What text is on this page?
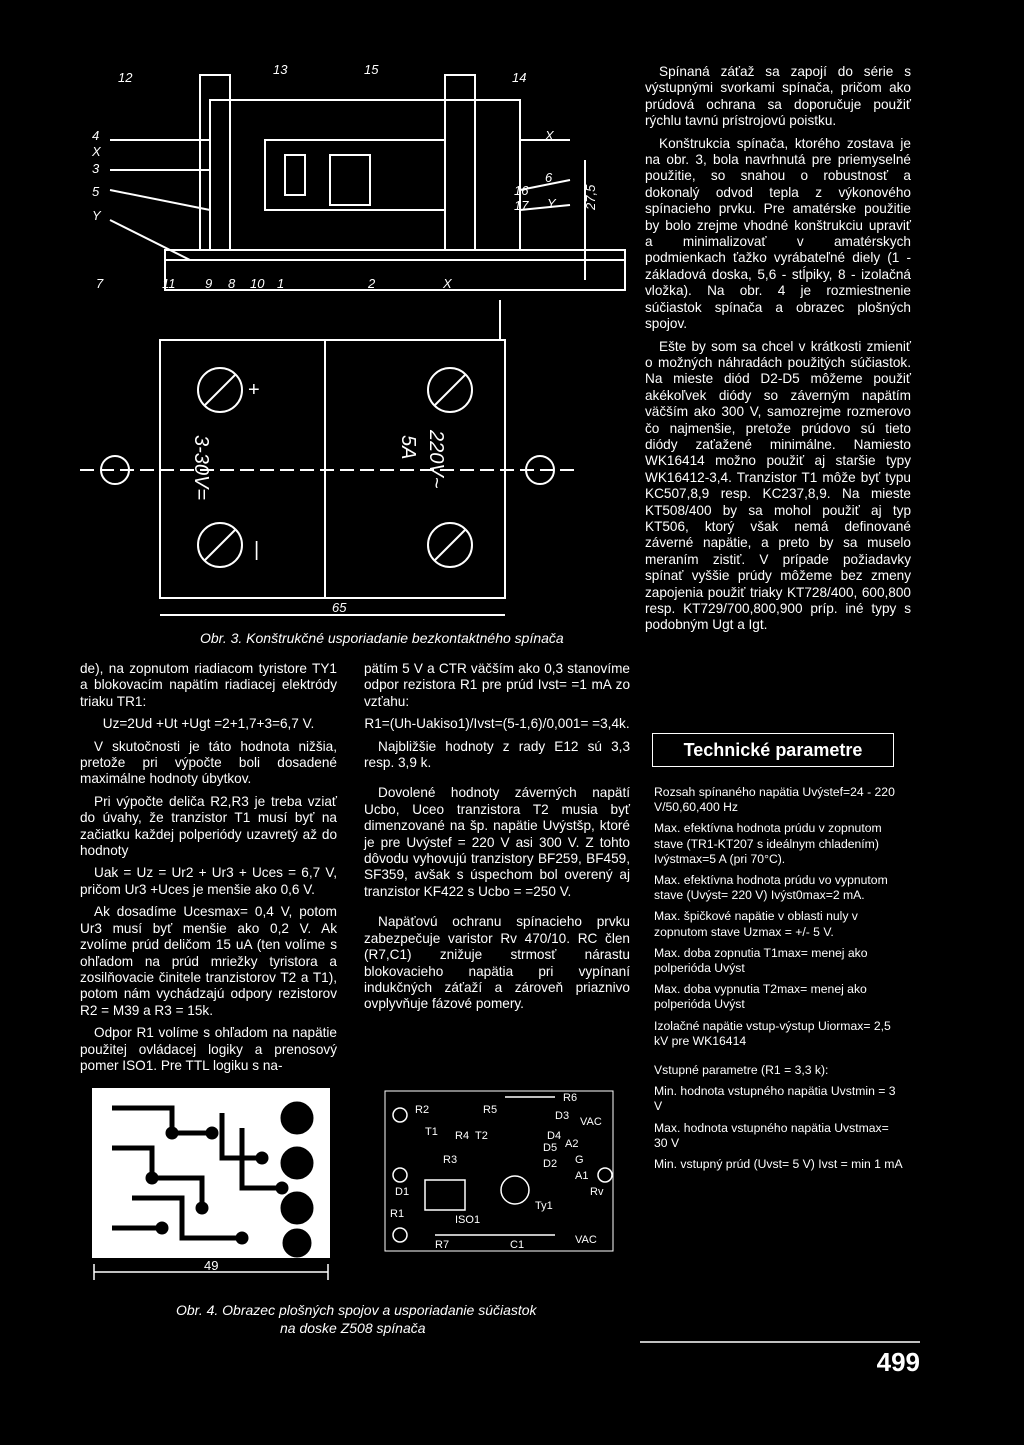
12
13	15
14
4
X
3
5
Y
X
6
16
17 Y
7	11 9 8 10 1	2	X
27,5
65
+
|
3-30V=	220V~
5A
Obr. 3. Konštrukčné usporiadanie bezkontaktného spínača

de), na zopnutom riadiacom tyristore TY1 a blokovacím napätím riadiacej elektródy triaku TR1:

Uz=2Ud +Ut +Ugt =2+1,7+3=6,7 V.

V skutočnosti je táto hodnota nižšia, pretože pri výpočte boli dosadené maximálne hodnoty úbytkov.

Pri výpočte deliča R2,R3 je treba vziať do úvahy, že tranzistor T1 musí byť na začiatku každej polperiódy uzavretý až do hodnoty

Uak = Uz = Ur2 + Ur3 + Uces = 6,7 V, pričom Ur3 +Uces je menšie ako 0,6 V.

Ak dosadíme Ucesmax= 0,4 V, potom Ur3 musí byť menšie ako 0,2 V. Ak zvolíme prúd deličom 15 uA (ten volíme s ohľadom na prúd mriežky tyristora a zosilňovacie činitele tranzistorov T2 a T1), potom nám vychádzajú odpory rezistorov R2 = M39 a R3 = 15k.

Odpor R1 volíme s ohľadom na napätie použitej ovládacej logiky a prenosový pomer ISO1. Pre TTL logiku s na-

pätím 5 V a CTR väčším ako 0,3 stanovíme odpor rezistora R1 pre prúd Ivst= =1 mA zo vzťahu:

R1=(Uh-Uakiso1)/Ivst=(5-1,6)/0,001= =3,4k.

Najbližšie hodnoty z rady E12 sú 3,3 resp. 3,9 k.

Dovolené hodnoty záverných napätí Ucbo, Uceo tranzistora T2 musia byť dimenzované na šp. napätie Uvýstšp, ktoré je pre Uvýstef = 220 V asi 300 V. Z tohto dôvodu vyhovujú tranzistory BF259, BF459, SF359, avšak s úspechom bol overený aj tranzistor KF422 s Ucbo = =250 V.

Napäťovú ochranu spínacieho prvku zabezpečuje varistor Rv 470/10. RC člen (R7,C1) znižuje strmosť nárastu blokovacieho napätia pri vypínaní indukčných záťaží a zároveň priaznivo ovplyvňuje fázové pomery.

Spínaná záťaž sa zapojí do série s výstupnými svorkami spínača, pričom ako prúdová ochrana sa doporučuje použiť rýchlu tavnú prístrojovú poistku.

Konštrukcia spínača, ktorého zostava je na obr. 3, bola navrhnutá pre priemyselné použitie, so snahou o robustnosť a dokonalý odvod tepla z výkonového spínacieho prvku. Pre amatérske použitie by bolo zrejme vhodné konštrukciu upraviť a minimalizovať v amatérskych podmienkach ťažko vyrábateľné diely (1 - základová doska, 5,6 - stĺpiky, 8 - izolačná vložka). Na obr. 4 je rozmiestnenie súčiastok spínača a obrazec plošných spojov.

Ešte by som sa chcel v krátkosti zmieniť o možných náhradách použitých súčiastok. Na mieste diód D2-D5 môžeme použiť akékoľvek diódy so záverným napätím väčším ako 300 V, samozrejme rozmerovo čo najmenšie, pretože prúdovo sú tieto diódy zaťažené minimálne. Namiesto WK16414 možno použiť aj staršie typy WK16412-3,4. Tranzistor T1 môže byť typu KC507,8,9 resp. KC237,8,9. Na mieste KT508/400 by sa mohol použiť aj typ KT506, ktorý však nemá definované záverné napätie, a preto by sa muselo meraním zistiť. V prípade požiadavky spínať vyššie prúdy môžeme bez zmeny zapojenia použiť triaky KT728/400, 600,800 resp. KT729/700,800,900 príp. iné typy s podobným Ugt a Igt.

Technické parametre
Rozsah spínaného napätia Uvýstef=24 - 220 V/50,60,400 Hz
Max. efektívna hodnota prúdu v zopnutom stave (TR1-KT207 s ideálnym chladením) Ivýstmax=5 A (pri 70°C).
Max. efektívna hodnota prúdu vo vypnutom stave (Uvýst= 220 V) Ivýst0max=2 mA.
Max. špičkové napätie v oblasti nuly v zopnutom stave Uzmax = +/- 5 V.
Max. doba zopnutia T1max= menej ako polperióda Uvýst
Max. doba vypnutia T2max= menej ako polperióda Uvýst
Izolačné napätie vstup-výstup Uiormax= 2,5 kV pre WK16414
Vstupné parametre (R1 = 3,3 k):
Min. hodnota vstupného napätia Uvstmin = 3 V
Max. hodnota vstupného napätia Uvstmax= 30 V
Min. vstupný prúd (Uvst= 5 V) Ivst = min 1 mA
49
R6
R2	R5	D3 VAC
T1 R4 T2	D4
D5 A2
R3	G
D2
A1
D1	Rv
Ty1
R1	ISO1
R7	C1	VAC
Obr. 4. Obrazec plošných spojov a usporiadanie súčiastok
na doske Z508 spínača
499
